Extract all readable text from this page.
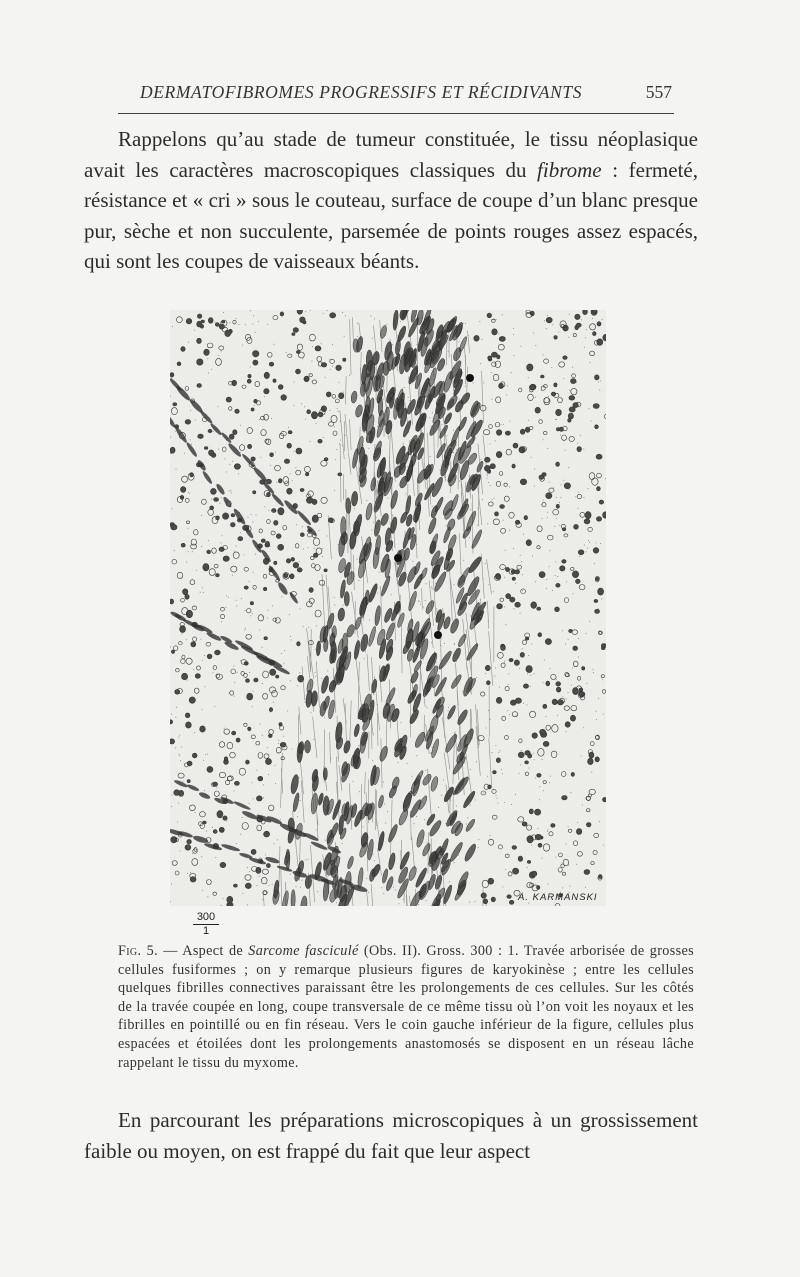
DERMATOFIBROMES PROGRESSIFS ET RÉCIDIVANTS	557

Rappelons qu’au stade de tumeur constituée, le tissu néoplasique avait les caractères macroscopiques classiques du fibrome : fermeté, résistance et « cri » sous le couteau, surface de coupe d’un blanc presque pur, sèche et non succulente, parsemée de points rouges assez espacés, qui sont les coupes de vaisseaux béants.

A. KARMANSKI
$\frac{300}{1}$

Fig. 5. — Aspect de Sarcome fasciculé (Obs. II). Gross. 300 : 1. Travée arborisée de grosses cellules fusiformes ; on y remarque plusieurs figures de karyokinèse ; entre les cellules quelques fibrilles connectives paraissant être les prolongements de ces cellules. Sur les côtés de la travée coupée en long, coupe transversale de ce même tissu où l’on voit les noyaux et les fibrilles en pointillé ou en fin réseau. Vers le coin gauche inférieur de la figure, cellules plus espacées et étoilées dont les prolongements anastomosés se disposent en un réseau lâche rappelant le tissu du myxome.

En parcourant les préparations microscopiques à un grossissement faible ou moyen, on est frappé du fait que leur aspect
